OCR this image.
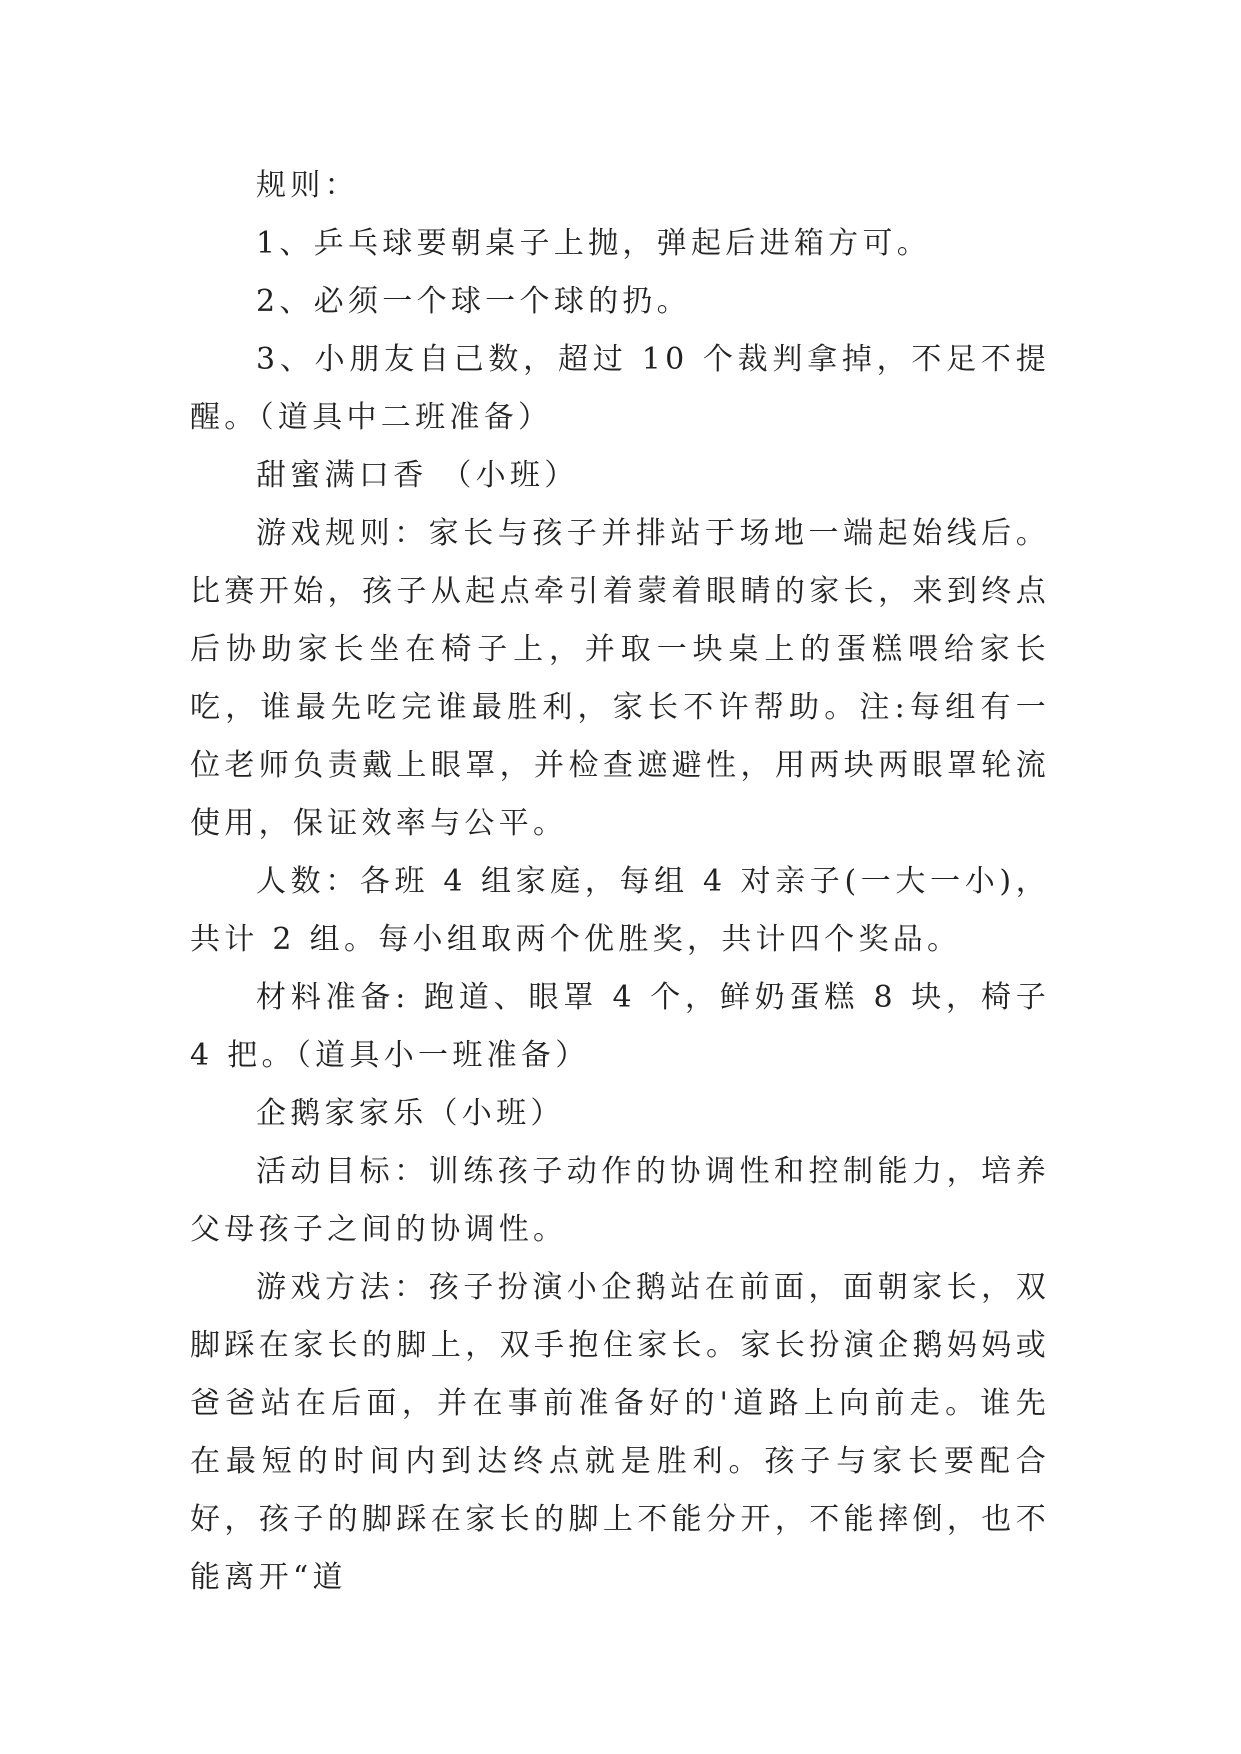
规则：

1、乒乓球要朝桌子上抛，弹起后进箱方可。

2、必须一个球一个球的扔。

3、小朋友自己数，超过 10 个裁判拿掉，不足不提醒。（道具中二班准备）

甜蜜满口香 （小班）

游戏规则：家长与孩子并排站于场地一端起始线后。比赛开始，孩子从起点牵引着蒙着眼睛的家长，来到终点后协助家长坐在椅子上，并取一块桌上的蛋糕喂给家长吃，谁最先吃完谁最胜利，家长不许帮助。注:每组有一位老师负责戴上眼罩，并检查遮避性，用两块两眼罩轮流使用，保证效率与公平。

人数：各班 4 组家庭，每组 4 对亲子(一大一小)，共计 2 组。每小组取两个优胜奖，共计四个奖品。

材料准备: 跑道、眼罩 4 个，鲜奶蛋糕 8 块，椅子 4 把。（道具小一班准备）

企鹅家家乐（小班）

活动目标：训练孩子动作的协调性和控制能力，培养父母孩子之间的协调性。

游戏方法：孩子扮演小企鹅站在前面，面朝家长，双脚踩在家长的脚上，双手抱住家长。家长扮演企鹅妈妈或爸爸站在后面，并在事前准备好的'道路上向前走。谁先在最短的时间内到达终点就是胜利。孩子与家长要配合好，孩子的脚踩在家长的脚上不能分开，不能摔倒，也不能离开“道
